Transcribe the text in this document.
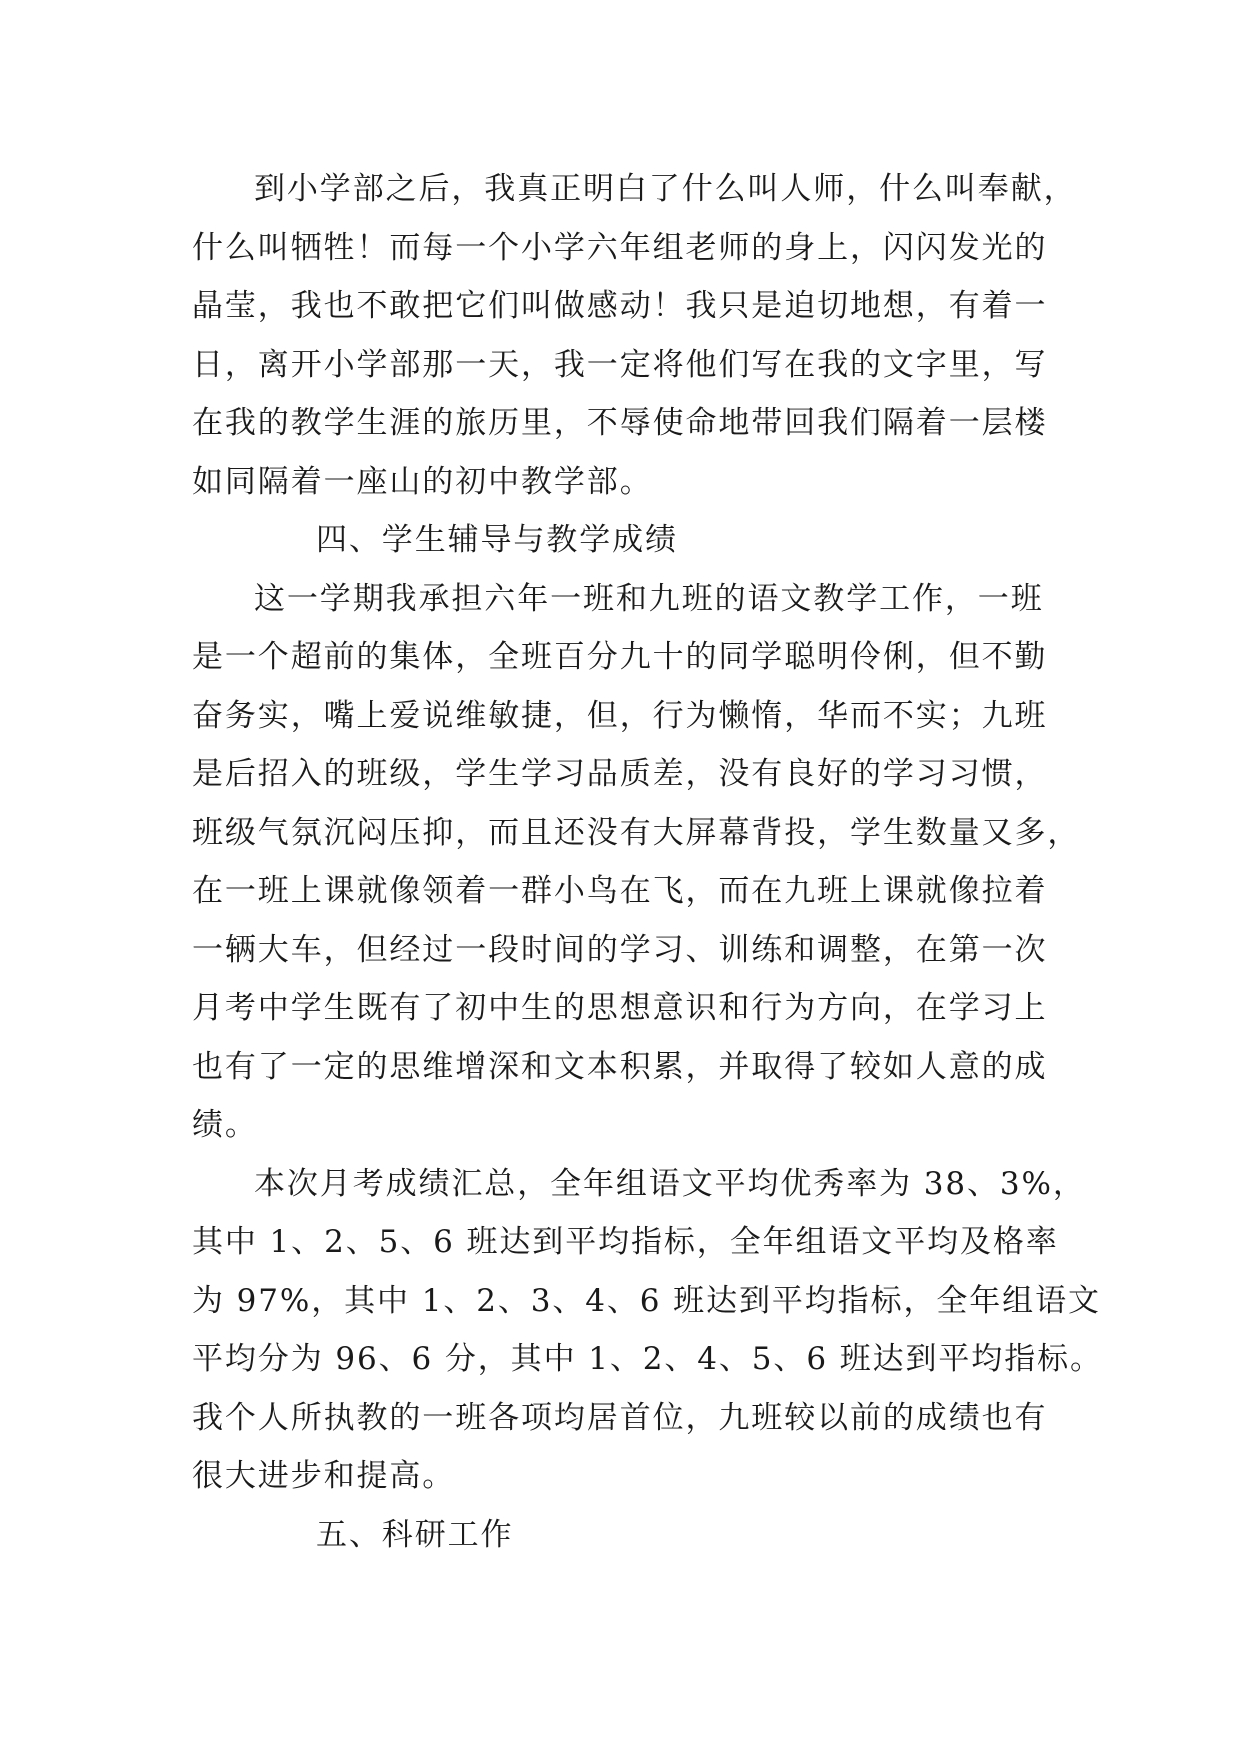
到小学部之后，我真正明白了什么叫人师，什么叫奉献，
什么叫牺牲！而每一个小学六年组老师的身上，闪闪发光的
晶莹，我也不敢把它们叫做感动！我只是迫切地想，有着一
日，离开小学部那一天，我一定将他们写在我的文字里，写
在我的教学生涯的旅历里，不辱使命地带回我们隔着一层楼
如同隔着一座山的初中教学部。
四、学生辅导与教学成绩
这一学期我承担六年一班和九班的语文教学工作，一班
是一个超前的集体，全班百分九十的同学聪明伶俐，但不勤
奋务实，嘴上爱说维敏捷，但，行为懒惰，华而不实；九班
是后招入的班级，学生学习品质差，没有良好的学习习惯，
班级气氛沉闷压抑，而且还没有大屏幕背投，学生数量又多，
在一班上课就像领着一群小鸟在飞，而在九班上课就像拉着
一辆大车，但经过一段时间的学习、训练和调整，在第一次
月考中学生既有了初中生的思想意识和行为方向，在学习上
也有了一定的思维增深和文本积累，并取得了较如人意的成
绩。
本次月考成绩汇总，全年组语文平均优秀率为 38、3%，
其中 1、2、5、6 班达到平均指标，全年组语文平均及格率
为 97%，其中 1、2、3、4、6 班达到平均指标，全年组语文
平均分为 96、6 分，其中 1、2、4、5、6 班达到平均指标。
我个人所执教的一班各项均居首位，九班较以前的成绩也有
很大进步和提高。
五、科研工作
